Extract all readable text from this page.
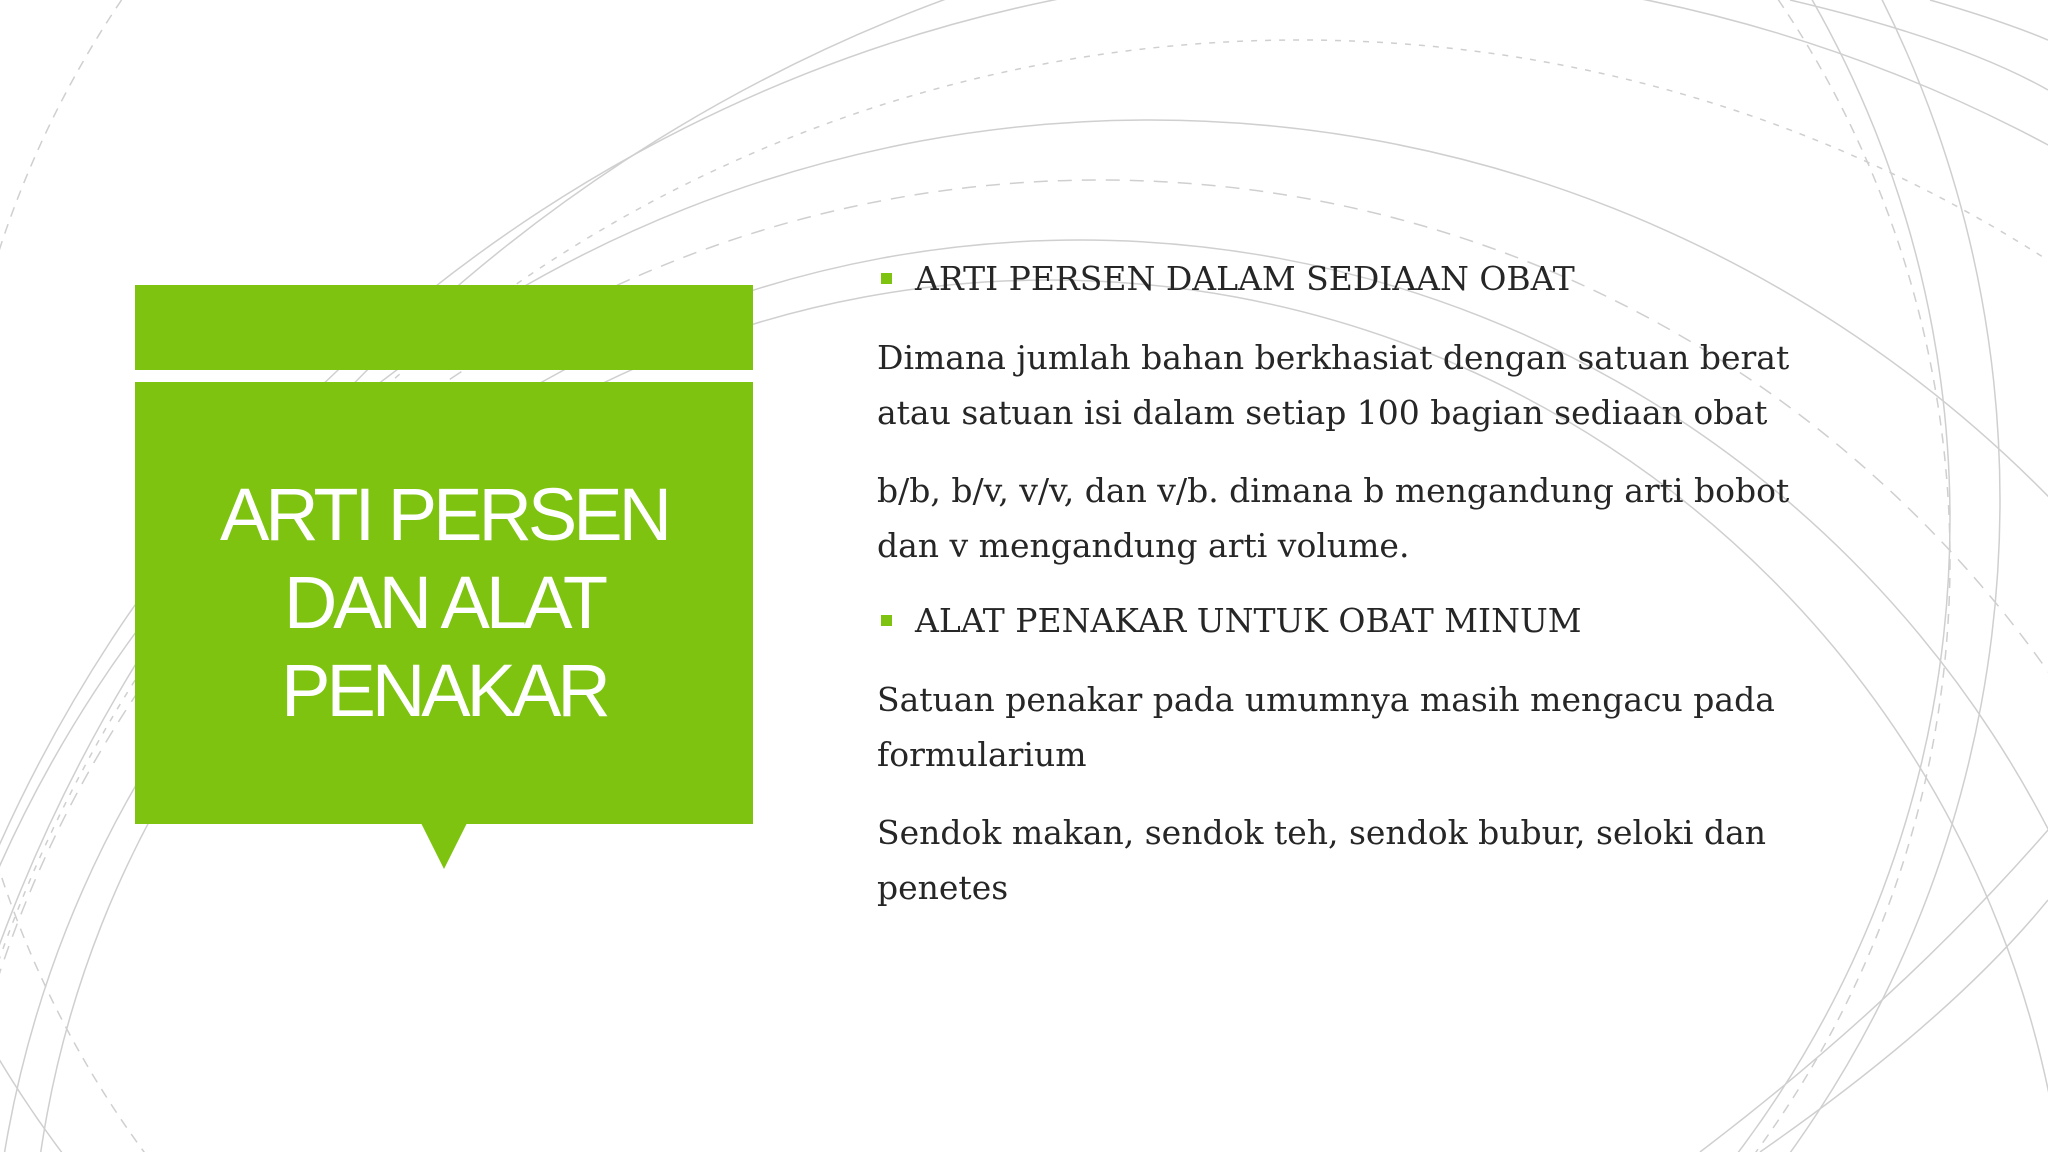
ARTI PERSEN
DAN ALAT
PENAKAR
ARTI PERSEN DALAM SEDIAAN OBAT
Dimana jumlah bahan berkhasiat dengan satuan berat
atau satuan isi dalam setiap 100 bagian sediaan obat
b/b, b/v, v/v, dan v/b. dimana b mengandung arti bobot
dan v mengandung arti volume.
ALAT PENAKAR UNTUK OBAT MINUM
Satuan penakar pada umumnya masih mengacu pada
formularium
Sendok makan, sendok teh, sendok bubur, seloki dan
penetes
